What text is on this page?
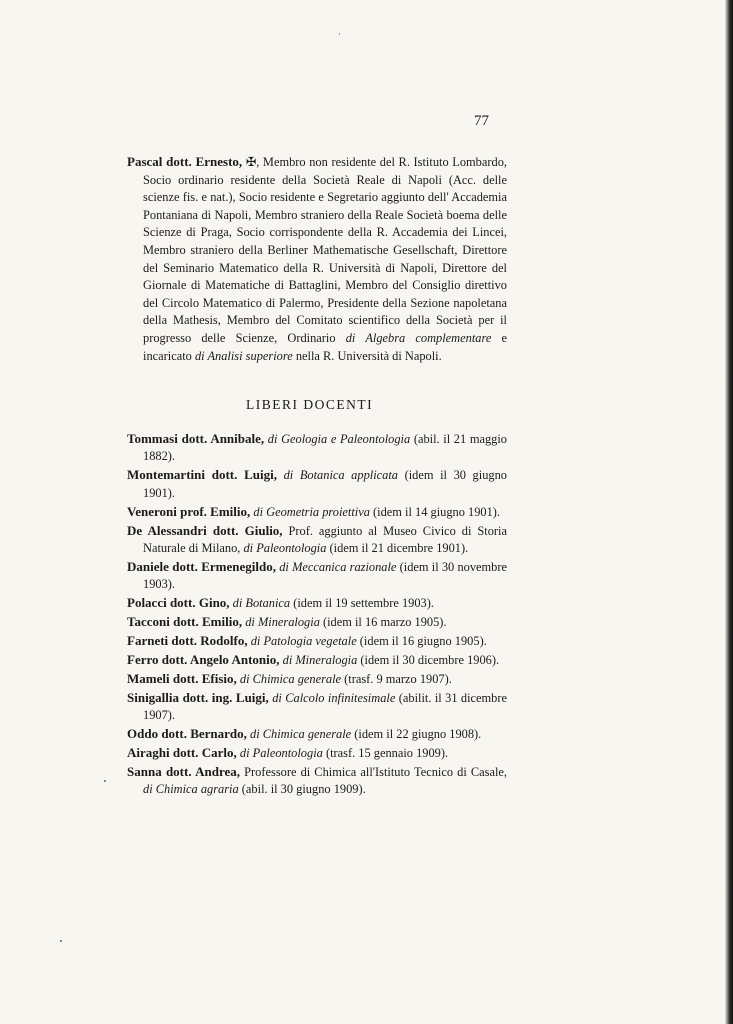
·
77
Pascal dott. Ernesto, ✠, Membro non residente del R. Istituto Lombardo, Socio ordinario residente della Società Reale di Napoli (Acc. delle scienze fis. e nat.), Socio residente e Segretario aggiunto dell' Accademia Pontaniana di Napoli, Membro straniero della Reale Società boema delle Scienze di Praga, Socio corrispondente della R. Accademia dei Lincei, Membro straniero della Berliner Mathematische Gesellschaft, Direttore del Seminario Matematico della R. Università di Napoli, Direttore del Giornale di Matematiche di Battaglini, Membro del Consiglio direttivo del Circolo Matematico di Palermo, Presidente della Sezione napoletana della Mathesis, Membro del Comitato scientifico della Società per il progresso delle Scienze, Ordinario di Algebra complementare e incaricato di Analisi superiore nella R. Università di Napoli.
LIBERI DOCENTI
Tommasi dott. Annibale, di Geologia e Paleontologia (abil. il 21 maggio 1882).
Montemartini dott. Luigi, di Botanica applicata (idem il 30 giugno 1901).
Veneroni prof. Emilio, di Geometria proiettiva (idem il 14 giugno 1901).
De Alessandri dott. Giulio, Prof. aggiunto al Museo Civico di Storia Naturale di Milano, di Paleontologia (idem il 21 dicembre 1901).
Daniele dott. Ermenegildo, di Meccanica razionale (idem il 30 novembre 1903).
Polacci dott. Gino, di Botanica (idem il 19 settembre 1903).
Tacconi dott. Emilio, di Mineralogia (idem il 16 marzo 1905).
Farneti dott. Rodolfo, di Patologia vegetale (idem il 16 giugno 1905).
Ferro dott. Angelo Antonio, di Mineralogia (idem il 30 dicembre 1906).
Mameli dott. Efisio, di Chimica generale (trasf. 9 marzo 1907).
Sinigallia dott. ing. Luigi, di Calcolo infinitesimale (abilit. il 31 dicembre 1907).
Oddo dott. Bernardo, di Chimica generale (idem il 22 giugno 1908).
Airaghi dott. Carlo, di Paleontologia (trasf. 15 gennaio 1909).
Sanna dott. Andrea, Professore di Chimica all'Istituto Tecnico di Casale, di Chimica agraria (abil. il 30 giugno 1909).
